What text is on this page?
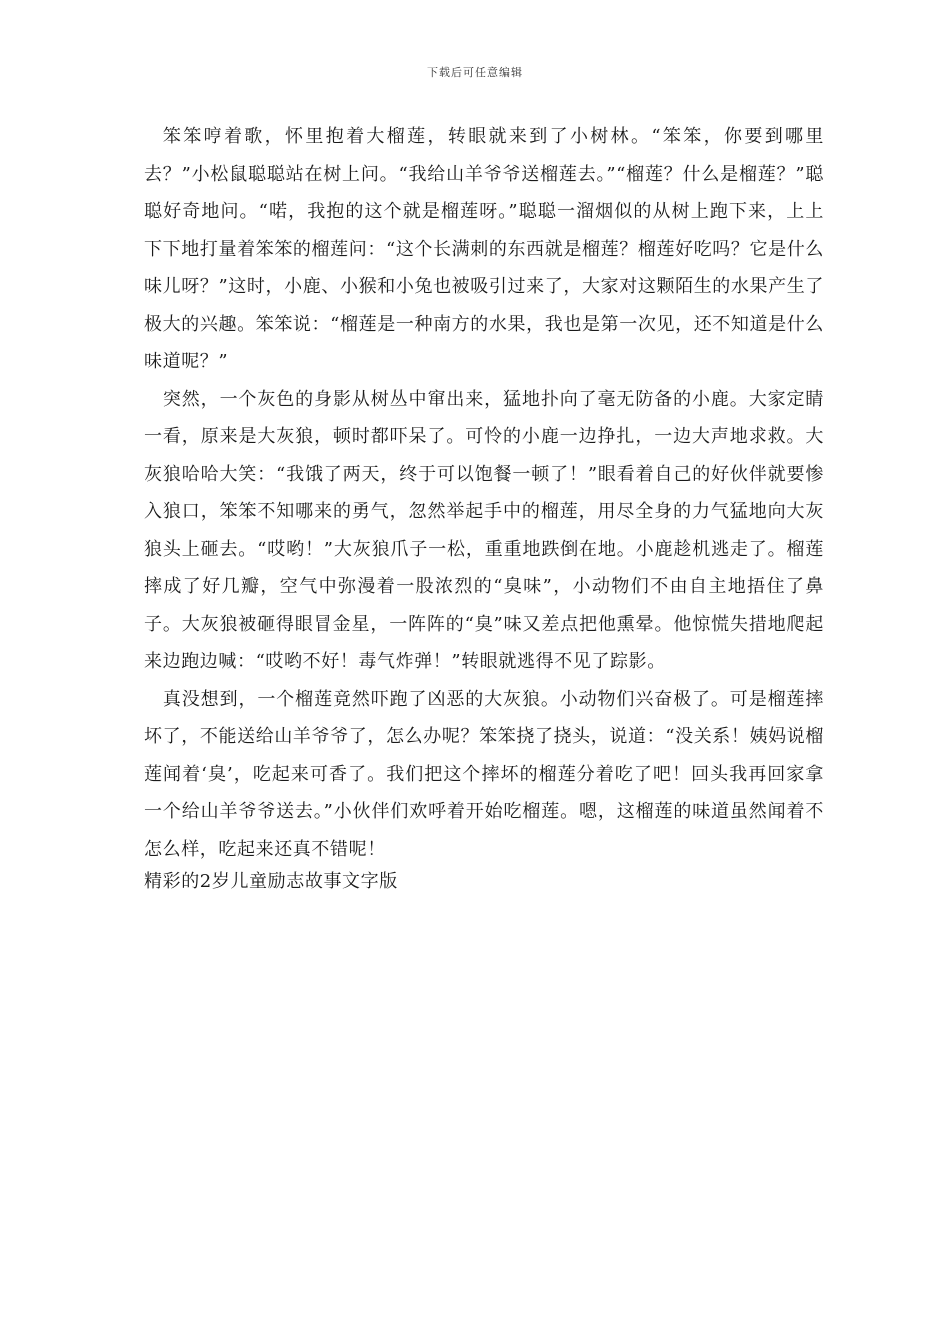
下载后可任意编辑

笨笨哼着歌，怀里抱着大榴莲，转眼就来到了小树林。“笨笨，你要到哪里去？”小松鼠聪聪站在树上问。“我给山羊爷爷送榴莲去。”“榴莲？什么是榴莲？”聪聪好奇地问。“喏，我抱的这个就是榴莲呀。”聪聪一溜烟似的从树上跑下来，上上下下地打量着笨笨的榴莲问：“这个长满刺的东西就是榴莲？榴莲好吃吗？它是什么味儿呀？”这时，小鹿、小猴和小兔也被吸引过来了，大家对这颗陌生的水果产生了极大的兴趣。笨笨说：“榴莲是一种南方的水果，我也是第一次见，还不知道是什么味道呢？”

突然，一个灰色的身影从树丛中窜出来，猛地扑向了毫无防备的小鹿。大家定睛一看，原来是大灰狼，顿时都吓呆了。可怜的小鹿一边挣扎，一边大声地求救。大灰狼哈哈大笑：“我饿了两天，终于可以饱餐一顿了！”眼看着自己的好伙伴就要惨入狼口，笨笨不知哪来的勇气，忽然举起手中的榴莲，用尽全身的力气猛地向大灰狼头上砸去。“哎哟！”大灰狼爪子一松，重重地跌倒在地。小鹿趁机逃走了。榴莲摔成了好几瓣，空气中弥漫着一股浓烈的“臭味”，小动物们不由自主地捂住了鼻子。大灰狼被砸得眼冒金星，一阵阵的“臭”味又差点把他熏晕。他惊慌失措地爬起来边跑边喊：“哎哟不好！毒气炸弹！”转眼就逃得不见了踪影。

真没想到，一个榴莲竟然吓跑了凶恶的大灰狼。小动物们兴奋极了。可是榴莲摔坏了，不能送给山羊爷爷了，怎么办呢？笨笨挠了挠头，说道：“没关系！姨妈说榴莲闻着‘臭’，吃起来可香了。我们把这个摔坏的榴莲分着吃了吧！回头我再回家拿一个给山羊爷爷送去。”小伙伴们欢呼着开始吃榴莲。嗯，这榴莲的味道虽然闻着不怎么样，吃起来还真不错呢！

精彩的2岁儿童励志故事文字版
